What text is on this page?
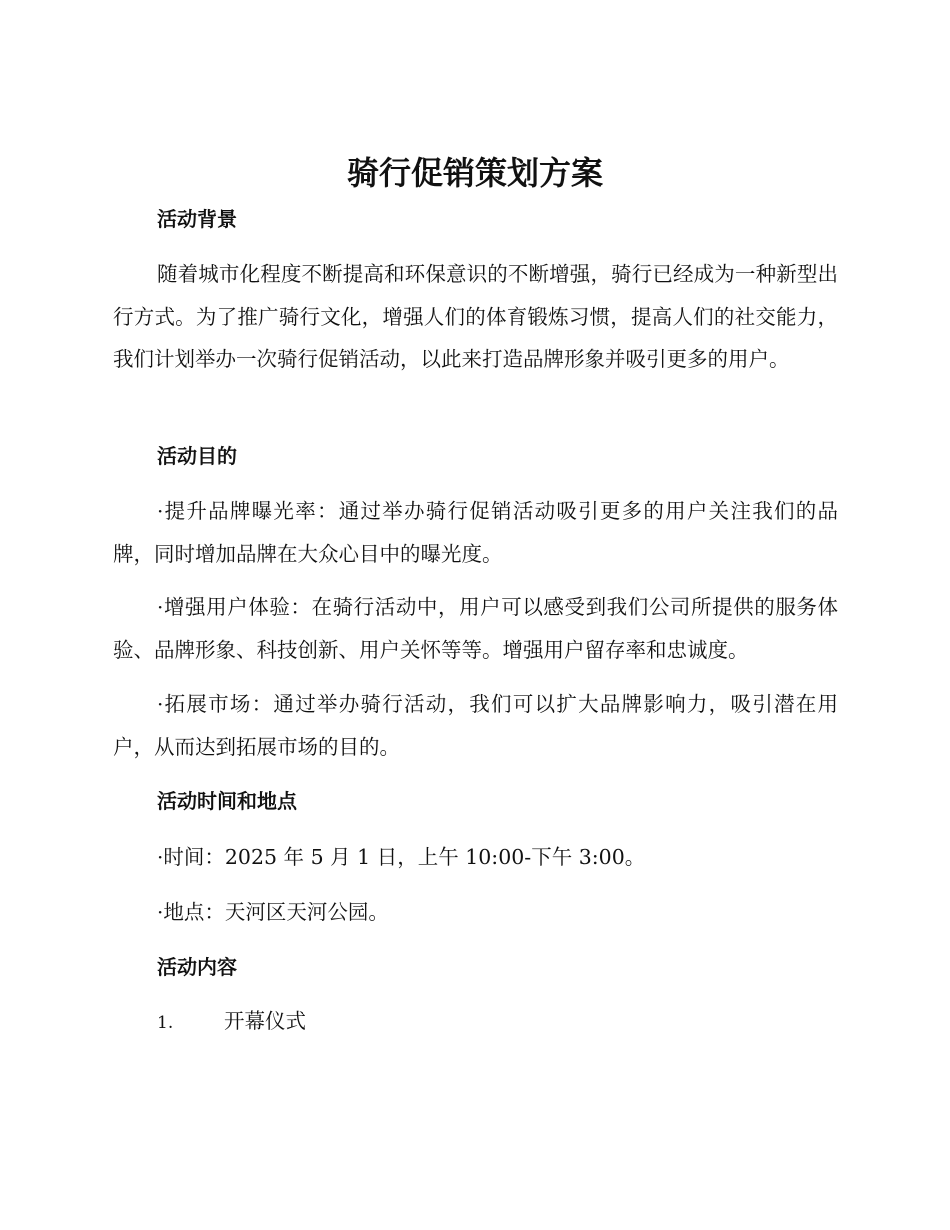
骑行促销策划方案
活动背景

随着城市化程度不断提高和环保意识的不断增强，骑行已经成为一种新型出行方式。为了推广骑行文化，增强人们的体育锻炼习惯，提高人们的社交能力，我们计划举办一次骑行促销活动，以此来打造品牌形象并吸引更多的用户。

活动目的

·提升品牌曝光率：通过举办骑行促销活动吸引更多的用户关注我们的品牌，同时增加品牌在大众心目中的曝光度。

·增强用户体验：在骑行活动中，用户可以感受到我们公司所提供的服务体验、品牌形象、科技创新、用户关怀等等。增强用户留存率和忠诚度。

·拓展市场：通过举办骑行活动，我们可以扩大品牌影响力，吸引潜在用户，从而达到拓展市场的目的。

活动时间和地点

·时间：2025 年 5 月 1 日，上午 10:00-下午 3:00。

·地点：天河区天河公园。

活动内容
1. 开幕仪式
